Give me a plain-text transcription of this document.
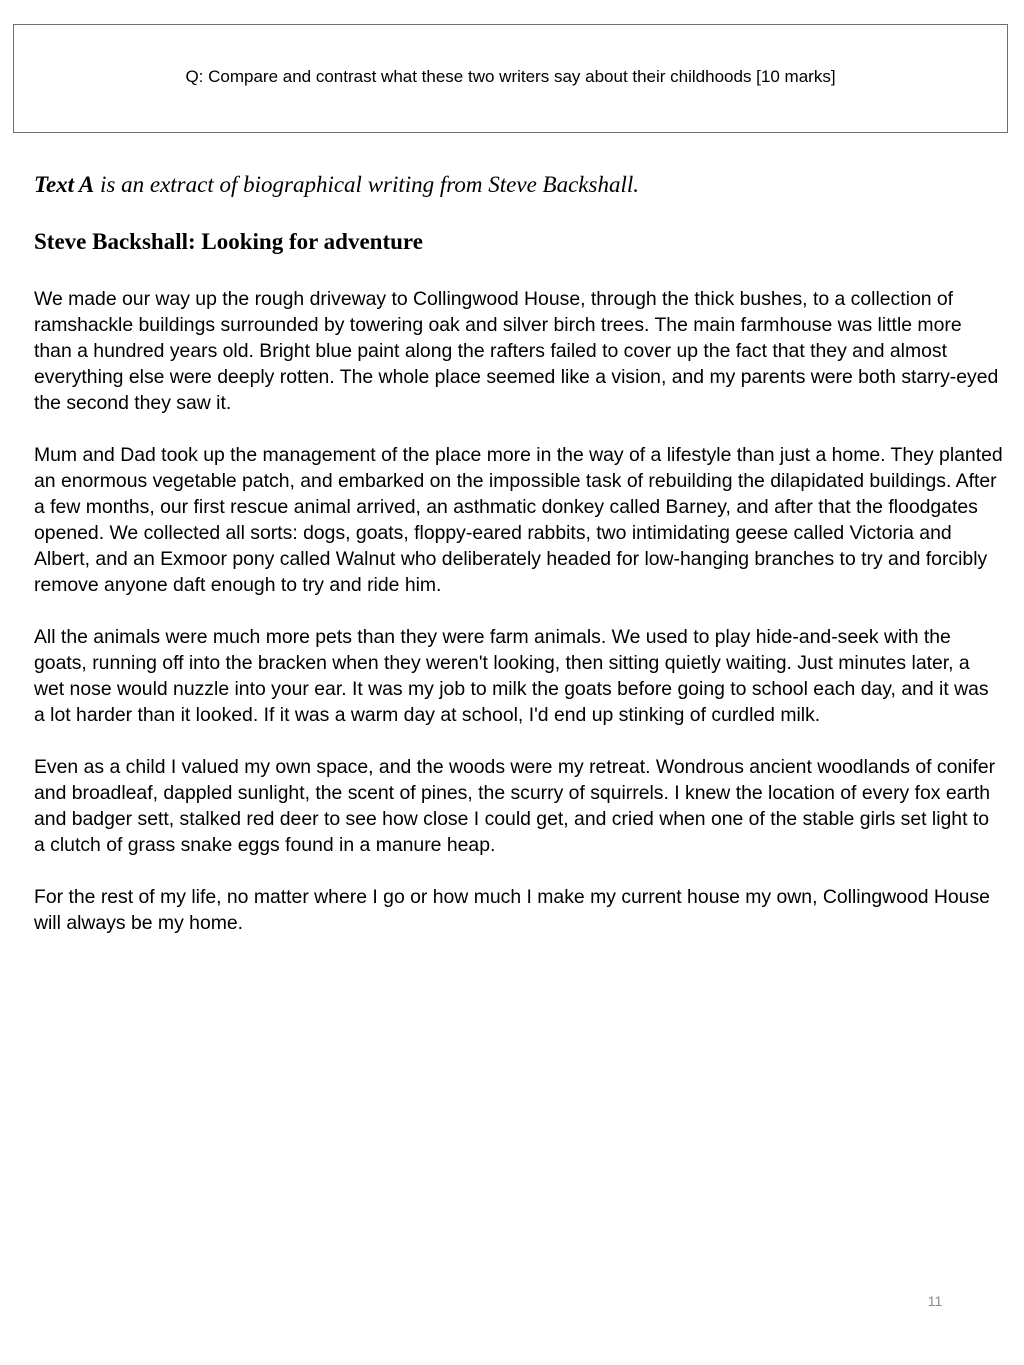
Q: Compare and contrast what these two writers say about their childhoods [10 marks]

Text A is an extract of biographical writing from Steve Backshall.

Steve Backshall: Looking for adventure

We made our way up the rough driveway to Collingwood House, through the thick bushes, to a collection of ramshackle buildings surrounded by towering oak and silver birch trees. The main farmhouse was little more than a hundred years old. Bright blue paint along the rafters failed to cover up the fact that they and almost everything else were deeply rotten. The whole place seemed like a vision, and my parents were both starry-eyed the second they saw it.

Mum and Dad took up the management of the place more in the way of a lifestyle than just a home. They planted an enormous vegetable patch, and embarked on the impossible task of rebuilding the dilapidated buildings. After a few months, our first rescue animal arrived, an asthmatic donkey called Barney, and after that the floodgates opened. We collected all sorts: dogs, goats, floppy-eared rabbits, two intimidating geese called Victoria and Albert, and an Exmoor pony called Walnut who deliberately headed for low-hanging branches to try and forcibly remove anyone daft enough to try and ride him.

All the animals were much more pets than they were farm animals. We used to play hide-and-seek with the goats, running off into the bracken when they weren't looking, then sitting quietly waiting. Just minutes later, a wet nose would nuzzle into your ear. It was my job to milk the goats before going to school each day, and it was a lot harder than it looked. If it was a warm day at school, I'd end up stinking of curdled milk.

Even as a child I valued my own space, and the woods were my retreat. Wondrous ancient woodlands of conifer and broadleaf, dappled sunlight, the scent of pines, the scurry of squirrels. I knew the location of every fox earth and badger sett, stalked red deer to see how close I could get, and cried when one of the stable girls set light to a clutch of grass snake eggs found in a manure heap.

For the rest of my life, no matter where I go or how much I make my current house my own, Collingwood House will always be my home.

11
